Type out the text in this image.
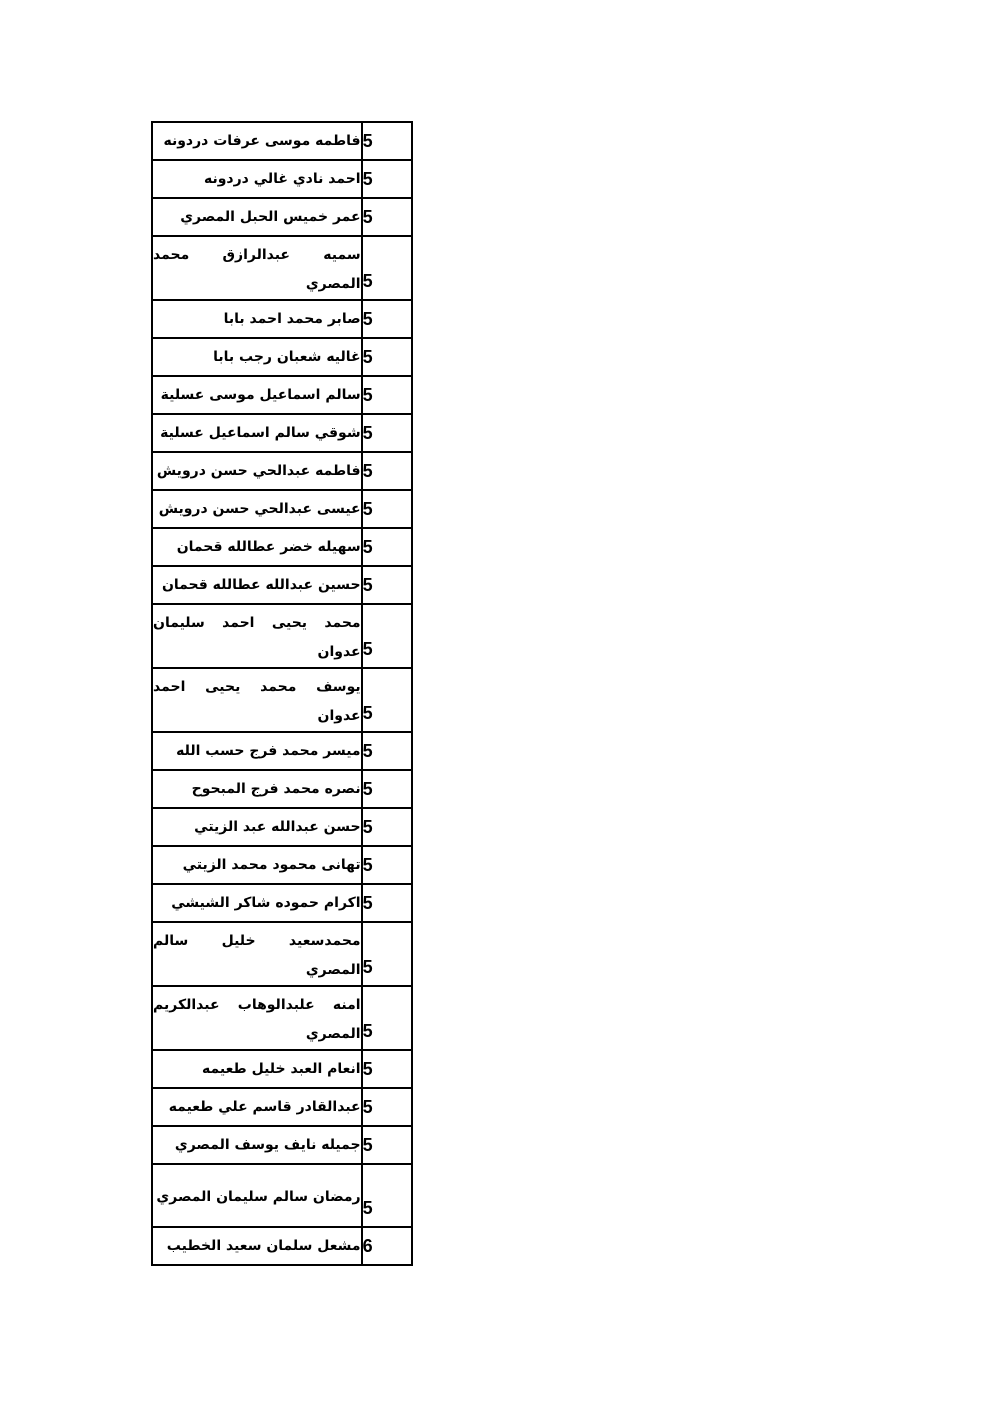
فاطمه موسى عرفات دردونه	5
احمد نادي غالي دردونه	5
عمر خميس الحبل المصري	5
سميه عبدالرازق محمد المصري	5
صابر محمد احمد بابا	5
غاليه شعبان رجب بابا	5
سالم اسماعيل موسى عسلية	5
شوقي سالم اسماعيل عسلية	5
فاطمه عبدالحي حسن درويش	5
عيسى عبدالحي حسن درويش	5
سهيله خضر عطالله قحمان	5
حسين عبدالله عطالله قحمان	5
محمد يحيى احمد سليمان عدوان	5
يوسف محمد يحيى احمد عدوان	5
ميسر محمد فرج حسب الله	5
نصره محمد فرج المبحوح	5
حسن عبدالله عبد الزيتي	5
تهانى محمود محمد الزيتي	5
اكرام حموده شاكر الشيشي	5
محمدسعيد خليل سالم المصري	5
امنه علبدالوهاب عبدالكريم المصري	5
انعام العبد خليل طعيمه	5
عبدالقادر قاسم علي طعيمه	5
جميله نايف يوسف المصري	5
رمضان سالم سليمان المصري	5
مشعل سلمان سعيد الخطيب	6
